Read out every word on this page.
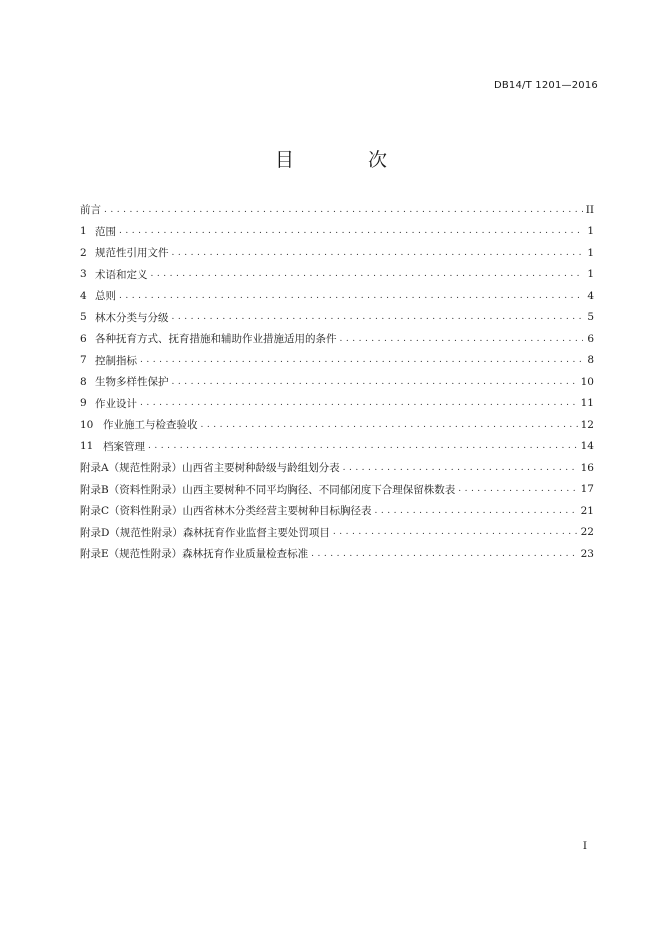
DB14/T 1201—2016
目 次
前言 .....	II
1 范围 .....	1
2 规范性引用文件 .....	1
3 术语和定义 .....	1
4 总则 .....	4
5 林木分类与分级 .....	5
6 各种抚育方式、抚育措施和辅助作业措施适用的条件 .....	6
7 控制指标 .....	8
8 生物多样性保护 .....	10
9 作业设计 .....	11
10 作业施工与检查验收 .....	12
11 档案管理 .....	14
附录A（规范性附录） 山西省主要树种龄级与龄组划分表 .....	16
附录B（资料性附录） 山西主要树种不同平均胸径、不同郁闭度下合理保留株数表 .....	17
附录C（资料性附录） 山西省林木分类经营主要树种目标胸径表 .....	21
附录D（规范性附录） 森林抚育作业监督主要处罚项目 .....	22
附录E（规范性附录） 森林抚育作业质量检查标准 .....	23
I
